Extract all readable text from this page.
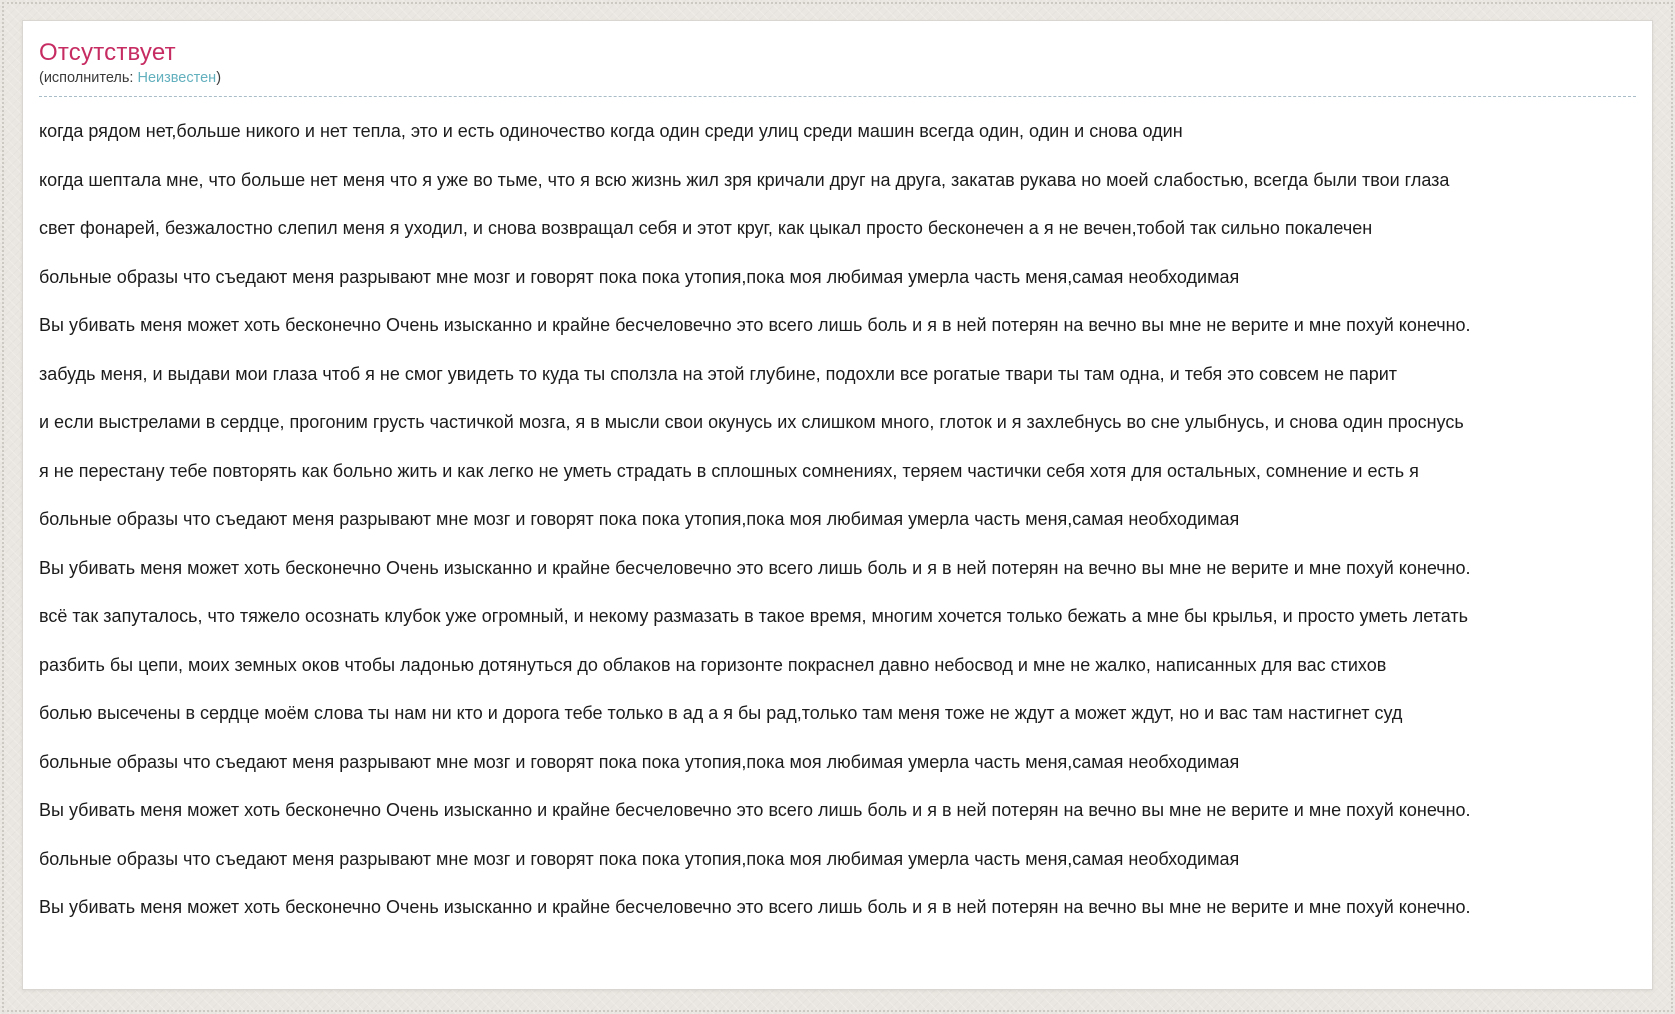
Отсутствует
(исполнитель: Неизвестен)

когда рядом нет,больше никого и нет тепла, это и есть одиночество когда один среди улиц среди машин всегда один, один и снова один

когда шептала мне, что больше нет меня что я уже во тьме, что я всю жизнь жил зря кричали друг на друга, закатав рукава но моей слабостью, всегда были твои глаза

свет фонарей, безжалостно слепил меня я уходил, и снова возвращал себя и этот круг, как цыкал просто бесконечен а я не вечен,тобой так сильно покалечен

больные образы что съедают меня разрывают мне мозг и говорят пока пока утопия,пока моя любимая умерла часть меня,самая необходимая

Вы убивать меня может хоть бесконечно Очень изысканно и крайне бесчеловечно это всего лишь боль и я в ней потерян на вечно вы мне не верите и мне похуй конечно.

забудь меня, и выдави мои глаза чтоб я не смог увидеть то куда ты сползла на этой глубине, подохли все рогатые твари ты там одна, и тебя это совсем не парит

и если выстрелами в сердце, прогоним грусть частичкой мозга, я в мысли свои окунусь их слишком много, глоток и я захлебнусь во сне улыбнусь, и снова один проснусь

я не перестану тебе повторять как больно жить и как легко не уметь страдать в сплошных сомнениях, теряем частички себя хотя для остальных, сомнение и есть я

больные образы что съедают меня разрывают мне мозг и говорят пока пока утопия,пока моя любимая умерла часть меня,самая необходимая

Вы убивать меня может хоть бесконечно Очень изысканно и крайне бесчеловечно это всего лишь боль и я в ней потерян на вечно вы мне не верите и мне похуй конечно.

всё так запуталось, что тяжело осознать клубок уже огромный, и некому размазать в такое время, многим хочется только бежать а мне бы крылья, и просто уметь летать

разбить бы цепи, моих земных оков чтобы ладонью дотянуться до облаков на горизонте покраснел давно небосвод и мне не жалко, написанных для вас стихов

болью высечены в сердце моём слова ты нам ни кто и дорога тебе только в ад а я бы рад,только там меня тоже не ждут а может ждут, но и вас там настигнет суд

больные образы что съедают меня разрывают мне мозг и говорят пока пока утопия,пока моя любимая умерла часть меня,самая необходимая

Вы убивать меня может хоть бесконечно Очень изысканно и крайне бесчеловечно это всего лишь боль и я в ней потерян на вечно вы мне не верите и мне похуй конечно.

больные образы что съедают меня разрывают мне мозг и говорят пока пока утопия,пока моя любимая умерла часть меня,самая необходимая

Вы убивать меня может хоть бесконечно Очень изысканно и крайне бесчеловечно это всего лишь боль и я в ней потерян на вечно вы мне не верите и мне похуй конечно.
